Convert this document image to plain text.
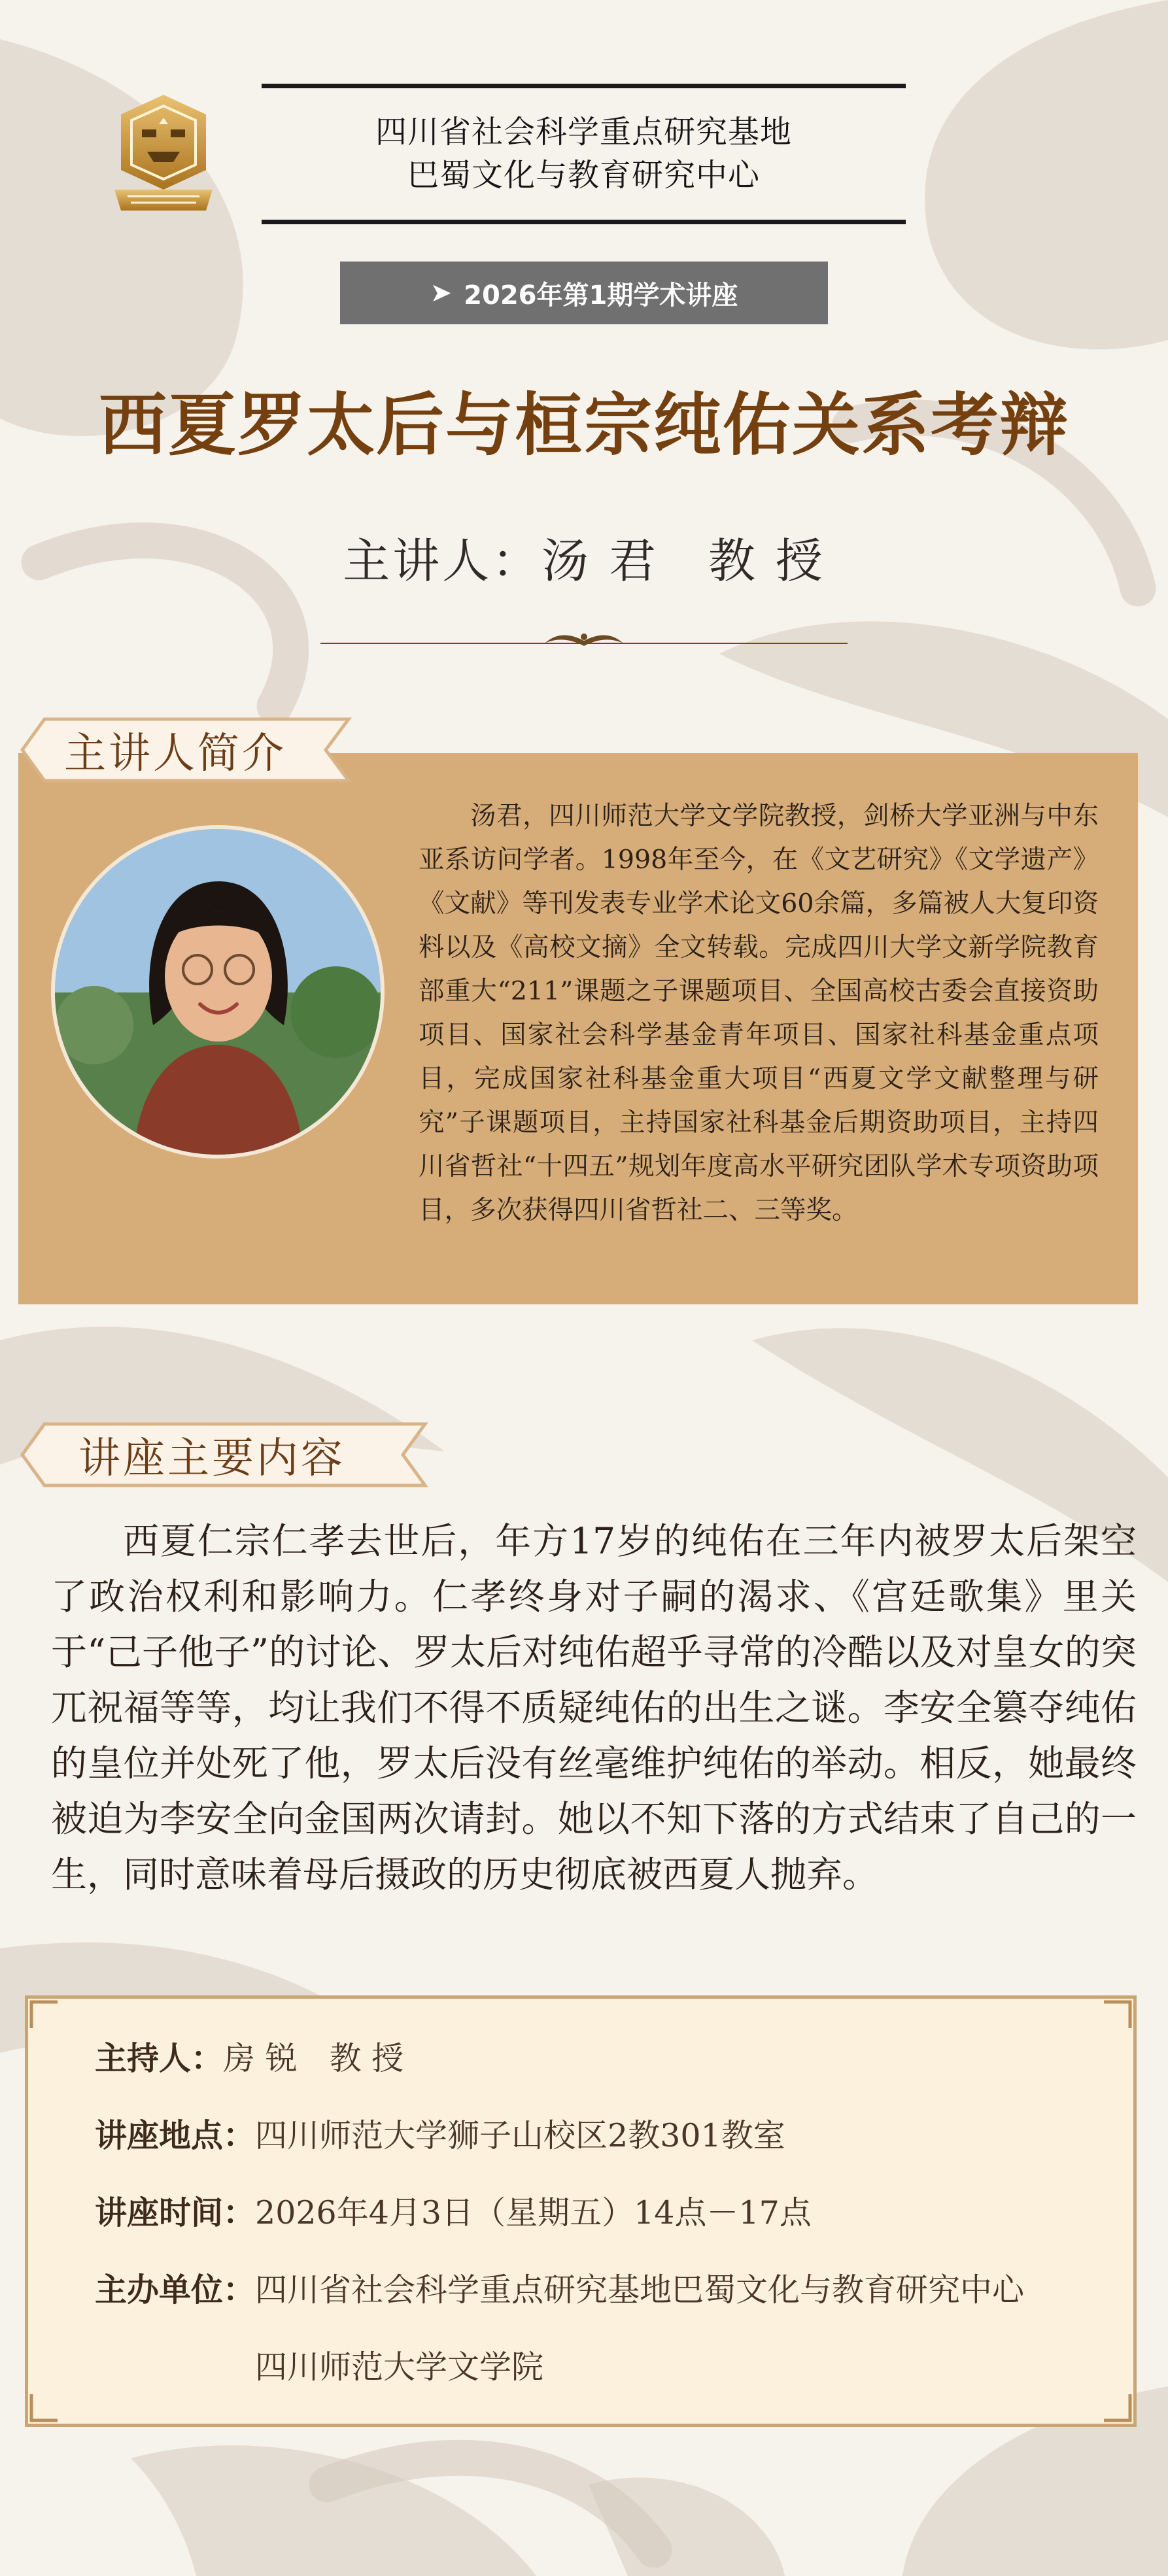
四川省社会科学重点研究基地
巴蜀文化与教育研究中心
➤ 2026年第1期学术讲座
西夏罗太后与桓宗纯佑关系考辩
主讲人：汤 君　教 授
主讲人简介
汤君，四川师范大学文学院教授，剑桥大学亚洲与中东亚系访问学者。1998年至今，在《文艺研究》《文学遗产》《文献》等刊发表专业学术论文60余篇，多篇被人大复印资料以及《高校文摘》全文转载。完成四川大学文新学院教育部重大“211”课题之子课题项目、全国高校古委会直接资助项目、国家社会科学基金青年项目、国家社科基金重点项目，完成国家社科基金重大项目“西夏文学文献整理与研究”子课题项目，主持国家社科基金后期资助项目，主持四川省哲社“十四五”规划年度高水平研究团队学术专项资助项目，多次获得四川省哲社二、三等奖。
讲座主要内容
西夏仁宗仁孝去世后，年方17岁的纯佑在三年内被罗太后架空了政治权利和影响力。仁孝终身对子嗣的渴求、《宫廷歌集》里关于“己子他子”的讨论、罗太后对纯佑超乎寻常的冷酷以及对皇女的突兀祝福等等，均让我们不得不质疑纯佑的出生之谜。李安全篡夺纯佑的皇位并处死了他，罗太后没有丝毫维护纯佑的举动。相反，她最终被迫为李安全向金国两次请封。她以不知下落的方式结束了自己的一生，同时意味着母后摄政的历史彻底被西夏人抛弃。
主持人： 房 锐　教 授
讲座地点： 四川师范大学狮子山校区2教301教室
讲座时间： 2026年4月3日（星期五）14点－17点
主办单位： 四川省社会科学重点研究基地巴蜀文化与教育研究中心
四川师范大学文学院
